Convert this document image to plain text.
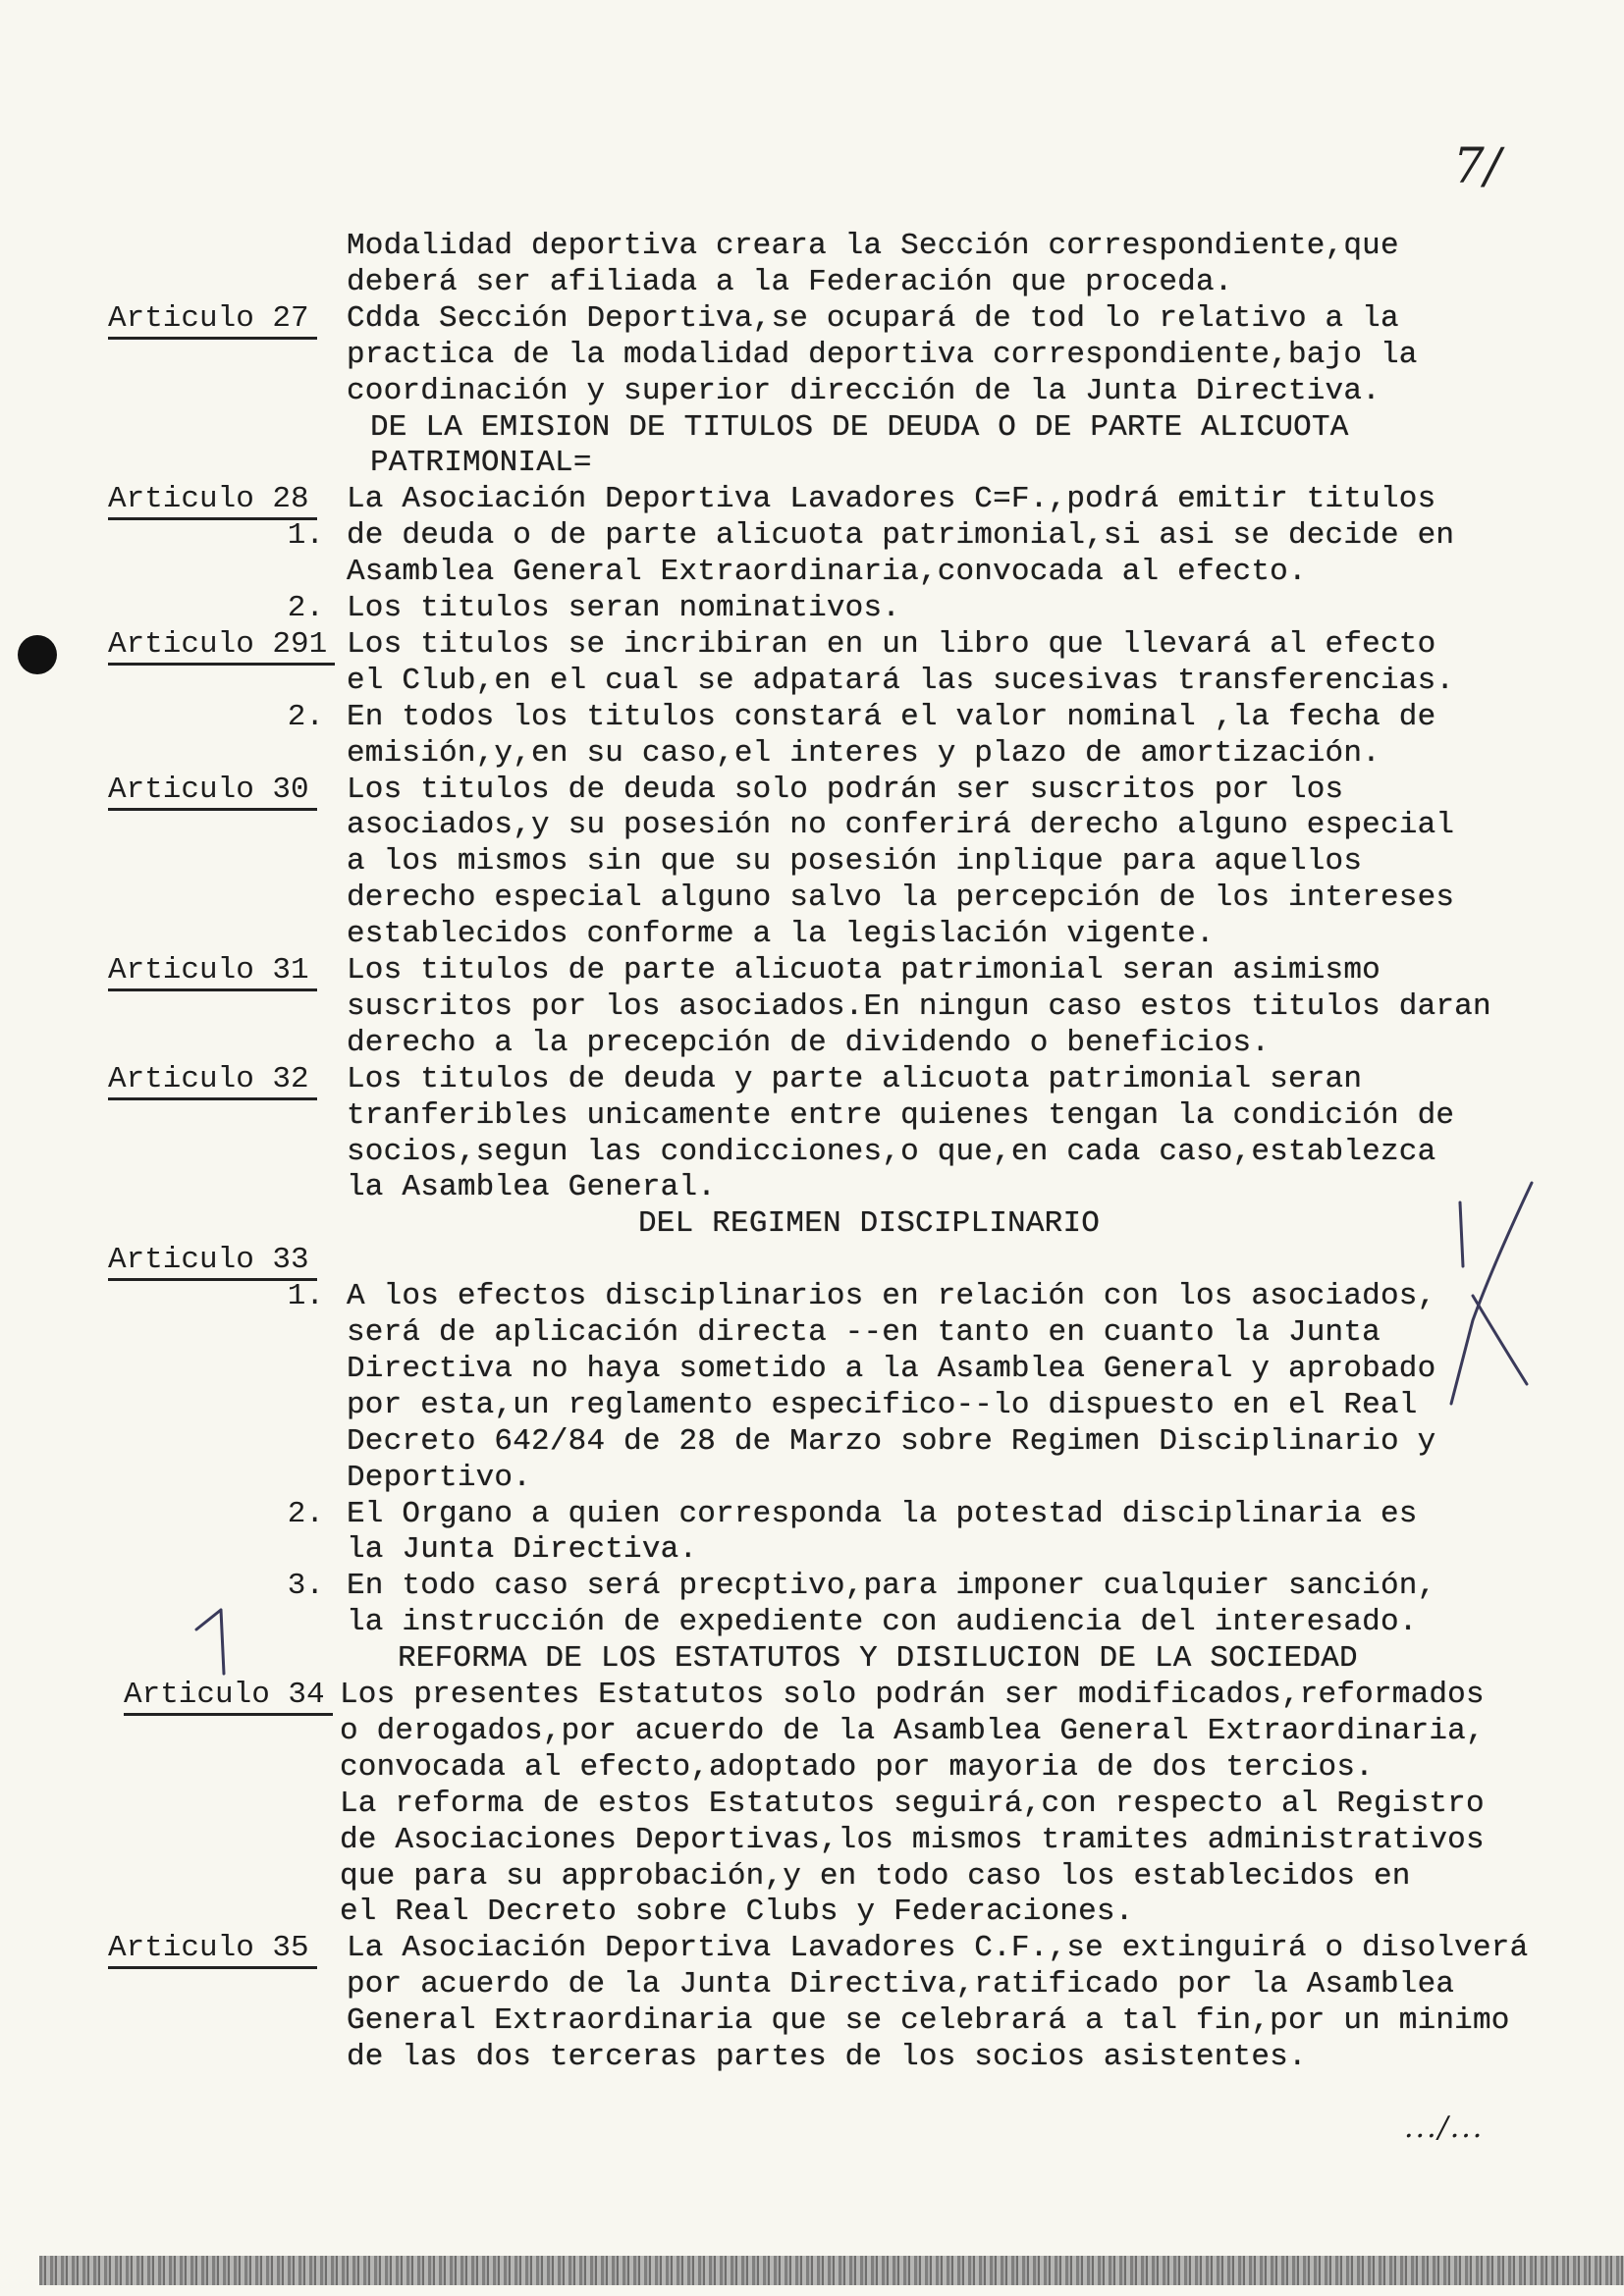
7/
Modalidad deportiva creara la Sección correspondiente,que
deberá ser afiliada a la Federación que proceda.
Articulo 27 Cdda Sección Deportiva,se ocupará de tod lo relativo a la
practica de la modalidad deportiva correspondiente,bajo la
coordinación y superior dirección de la Junta Directiva.
DE LA EMISION DE TITULOS DE DEUDA O DE PARTE ALICUOTA
PATRIMONIAL=
Articulo 28 La Asociación Deportiva Lavadores C=F.,podrá emitir titulos
1. de deuda o de parte alicuota patrimonial,si asi se decide en
Asamblea General Extraordinaria,convocada al efecto.
2. Los titulos seran nominativos.
Articulo 291 Los titulos se incribiran en un libro que llevará al efecto
el Club,en el cual se adpatará las sucesivas transferencias.
2. En todos los titulos constará el valor nominal ,la fecha de
emisión,y,en su caso,el interes y plazo de amortización.
Articulo 30 Los titulos de deuda solo podrán ser suscritos por los
asociados,y su posesión no conferirá derecho alguno especial
a los mismos sin que su posesión inplique para aquellos
derecho especial alguno salvo la percepción de los intereses
establecidos conforme a la legislación vigente.
Articulo 31 Los titulos de parte alicuota patrimonial seran asimismo
suscritos por los asociados.En ningun caso estos titulos daran
derecho a la precepción de dividendo o beneficios.
Articulo 32 Los titulos de deuda y parte alicuota patrimonial seran
tranferibles unicamente entre quienes tengan la condición de
socios,segun las condicciones,o que,en cada caso,establezca
la Asamblea General.
DEL REGIMEN DISCIPLINARIO
Articulo 33
1. A los efectos disciplinarios en relación con los asociados,
será de aplicación directa --en tanto en cuanto la Junta
Directiva no haya sometido a la Asamblea General y aprobado
por esta,un reglamento especifico--lo dispuesto en el Real
Decreto 642/84 de 28 de Marzo sobre Regimen Disciplinario y
Deportivo.
2. El Organo a quien corresponda la potestad disciplinaria es
la Junta Directiva.
3. En todo caso será precptivo,para imponer cualquier sanción,
la instrucción de expediente con audiencia del interesado.
REFORMA DE LOS ESTATUTOS Y DISILUCION DE LA SOCIEDAD
Articulo 34 Los presentes Estatutos solo podrán ser modificados,reformados
o derogados,por acuerdo de la Asamblea General Extraordinaria,
convocada al efecto,adoptado por mayoria de dos tercios.
La reforma de estos Estatutos seguirá,con respecto al Registro
de Asociaciones Deportivas,los mismos tramites administrativos
que para su approbación,y en todo caso los establecidos en
el Real Decreto sobre Clubs y Federaciones.
Articulo 35 La Asociación Deportiva Lavadores C.F.,se extinguirá o disolverá
por acuerdo de la Junta Directiva,ratificado por la Asamblea
General Extraordinaria que se celebrará a tal fin,por un minimo
de las dos terceras partes de los socios asistentes.
.../...
